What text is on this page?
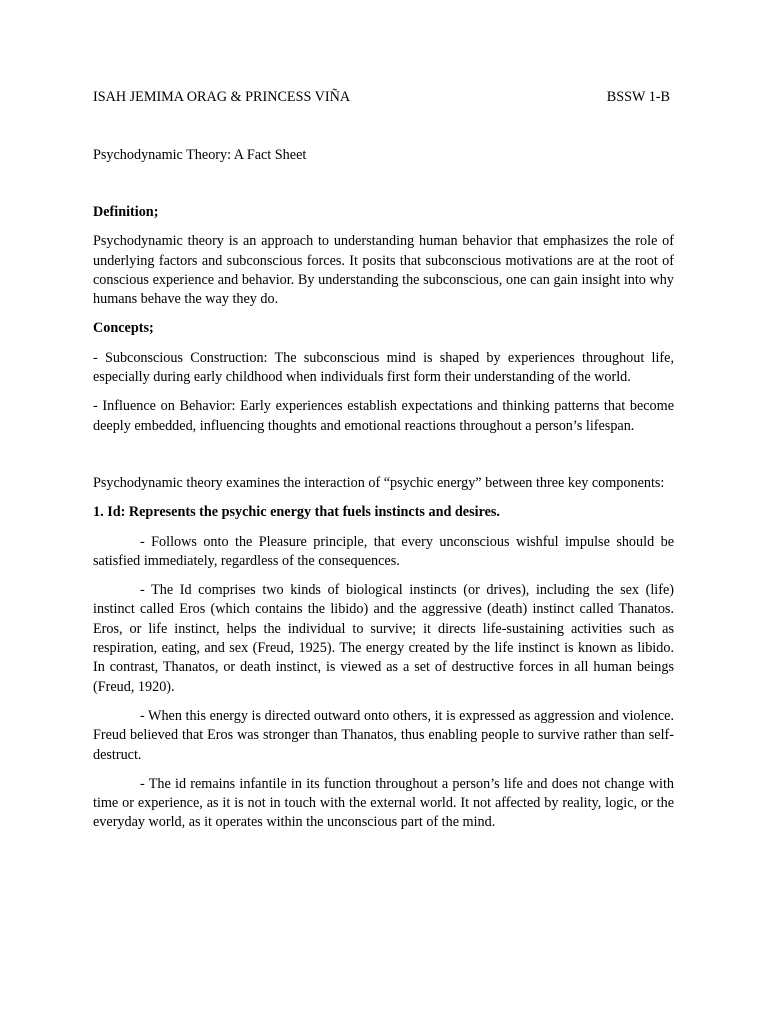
ISAH JEMIMA ORAG & PRINCESS VIÑA	BSSW 1-B
Psychodynamic Theory: A Fact Sheet

Definition;

Psychodynamic theory is an approach to understanding human behavior that emphasizes the role of underlying factors and subconscious forces. It posits that subconscious motivations are at the root of conscious experience and behavior. By understanding the subconscious, one can gain insight into why humans behave the way they do.

Concepts;

- Subconscious Construction: The subconscious mind is shaped by experiences throughout life, especially during early childhood when individuals first form their understanding of the world.

- Influence on Behavior: Early experiences establish expectations and thinking patterns that become deeply embedded, influencing thoughts and emotional reactions throughout a person’s lifespan.

Psychodynamic theory examines the interaction of “psychic energy” between three key components:

1. Id: Represents the psychic energy that fuels instincts and desires.

- Follows onto the Pleasure principle, that every unconscious wishful impulse should be satisfied immediately, regardless of the consequences.

- The Id comprises two kinds of biological instincts (or drives), including the sex (life) instinct called Eros (which contains the libido) and the aggressive (death) instinct called Thanatos. Eros, or life instinct, helps the individual to survive; it directs life-sustaining activities such as respiration, eating, and sex (Freud, 1925). The energy created by the life instinct is known as libido. In contrast, Thanatos, or death instinct, is viewed as a set of destructive forces in all human beings (Freud, 1920).

- When this energy is directed outward onto others, it is expressed as aggression and violence. Freud believed that Eros was stronger than Thanatos, thus enabling people to survive rather than self-destruct.

- The id remains infantile in its function throughout a person’s life and does not change with time or experience, as it is not in touch with the external world. It not affected by reality, logic, or the everyday world, as it operates within the unconscious part of the mind.
